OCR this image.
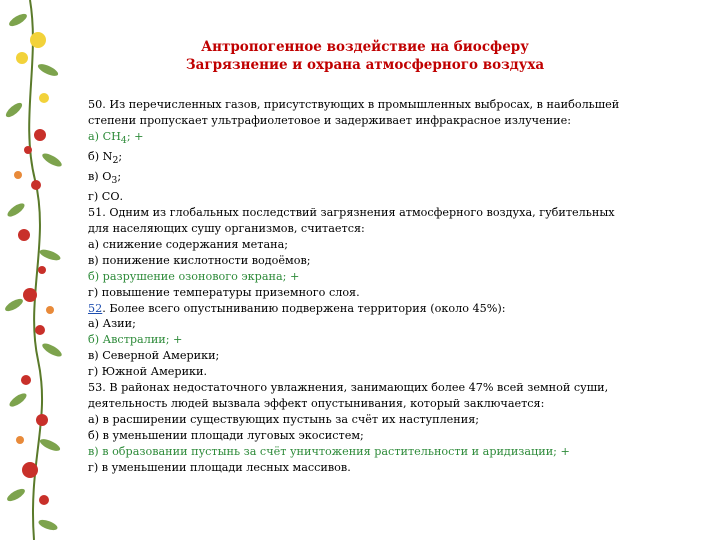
Антропогенное воздействие на биосферу
Загрязнение и охрана атмосферного воздуха
50. Из перечисленных газов, присутствующих в промышленных выбросах, в наибольшей
степени пропускает ультрафиолетовое и задерживает инфракрасное излучение:
а) $СН_4$; +
б) $N_2$;
в) $О_3$;
г) СО.
51. Одним из глобальных последствий загрязнения атмосферного воздуха, губительных
для населяющих сушу организмов, считается:
а) снижение содержания метана;
в) понижение кислотности водоёмов;
б) разрушение озонового экрана; +
г) повышение температуры приземного слоя.
52. Более всего опустыниванию подвержена территория (около 45%):
а) Азии;
б) Австралии; +
в) Северной Америки;
г) Южной Америки.
53. В районах недостаточного увлажнения, занимающих более 47% всей земной суши,
деятельность людей вызвала эффект опустынивания, который заключается:
а) в расширении существующих пустынь за счёт их наступления;
б) в уменьшении площади луговых экосистем;
в) в образовании пустынь за счёт уничтожения растительности и аридизации; +
г) в уменьшении площади лесных массивов.
